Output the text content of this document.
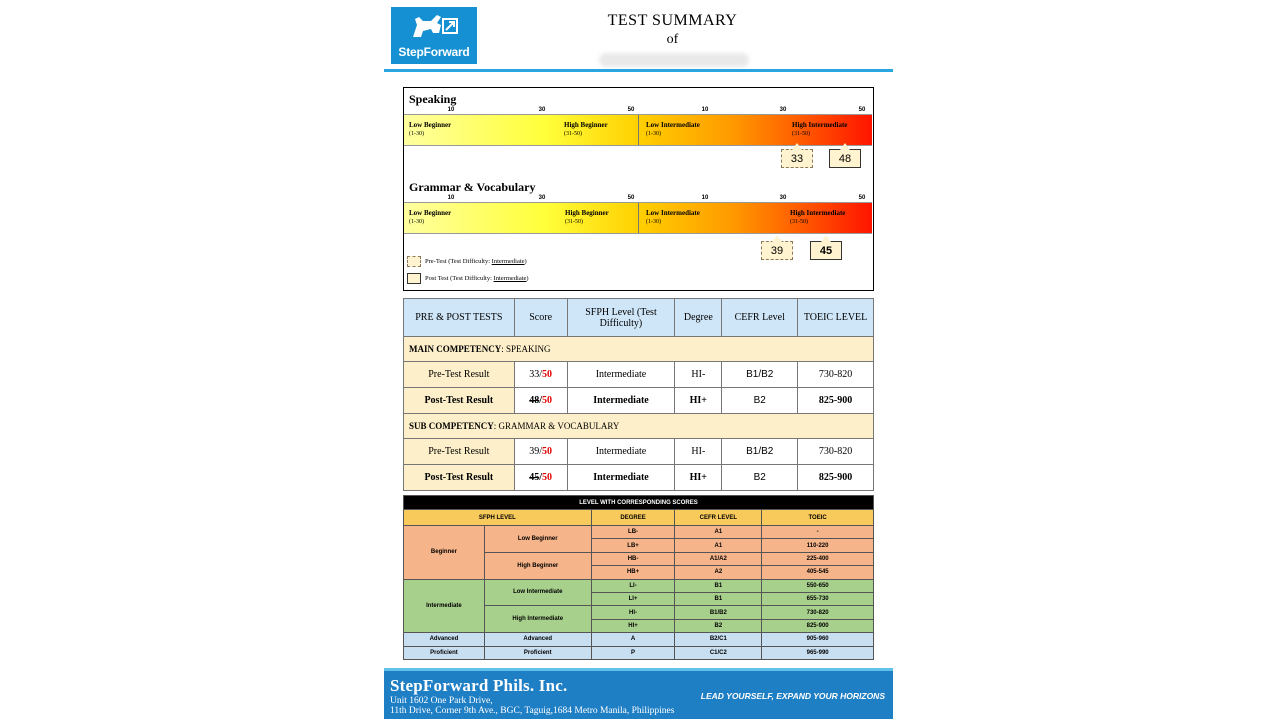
StepForward
TEST SUMMARY
of
Speaking
10	30	50	10	30	50
Low Beginner
(1-30)
High Beginner
(31-50)
Low Intermediate
(1-30)
High Intermediate
(31-50)
33	48
Grammar & Vocabulary
10	30	50	10	30	50
Low Beginner
(1-30)
High Beginner
(31-50)
Low Intermediate
(1-30)
High Intermediate
(31-50)
39	45
Pre-Test (Test Difficulty: Intermediate)
Post Test (Test Difficulty: Intermediate)
PRE & POST TESTS	Score	SFPH Level (Test Difficulty)	Degree	CEFR Level	TOEIC LEVEL
MAIN COMPETENCY: SPEAKING					
Pre-Test Result	33/50	Intermediate	HI-	B1/B2	730-820
Post-Test Result	48/50	Intermediate	HI+	B2	825-900
SUB COMPETENCY: GRAMMAR & VOCABULARY					
Pre-Test Result	39/50	Intermediate	HI-	B1/B2	730-820
Post-Test Result	45/50	Intermediate	HI+	B2	825-900
LEVEL WITH CORRESPONDING SCORES				
SFPH LEVEL		DEGREE	CEFR LEVEL	TOEIC
Beginner	Low Beginner	LB-	A1	-
		LB+	A1	110-220
	High Beginner	HB-	A1/A2	225-400
		HB+	A2	405-545
Intermediate	Low Intermediate	LI-	B1	550-650
		LI+	B1	655-730
	High Intermediate	HI-	B1/B2	730-820
		HI+	B2	825-900
Advanced	Advanced	A	B2/C1	905-960
Proficient	Proficient	P	C1/C2	965-990
StepForward Phils. Inc.
Unit 1602 One Park Drive,
11th Drive, Corner 9th Ave., BGC, Taguig,1684 Metro Manila, Philippines
LEAD YOURSELF, EXPAND YOUR HORIZONS
